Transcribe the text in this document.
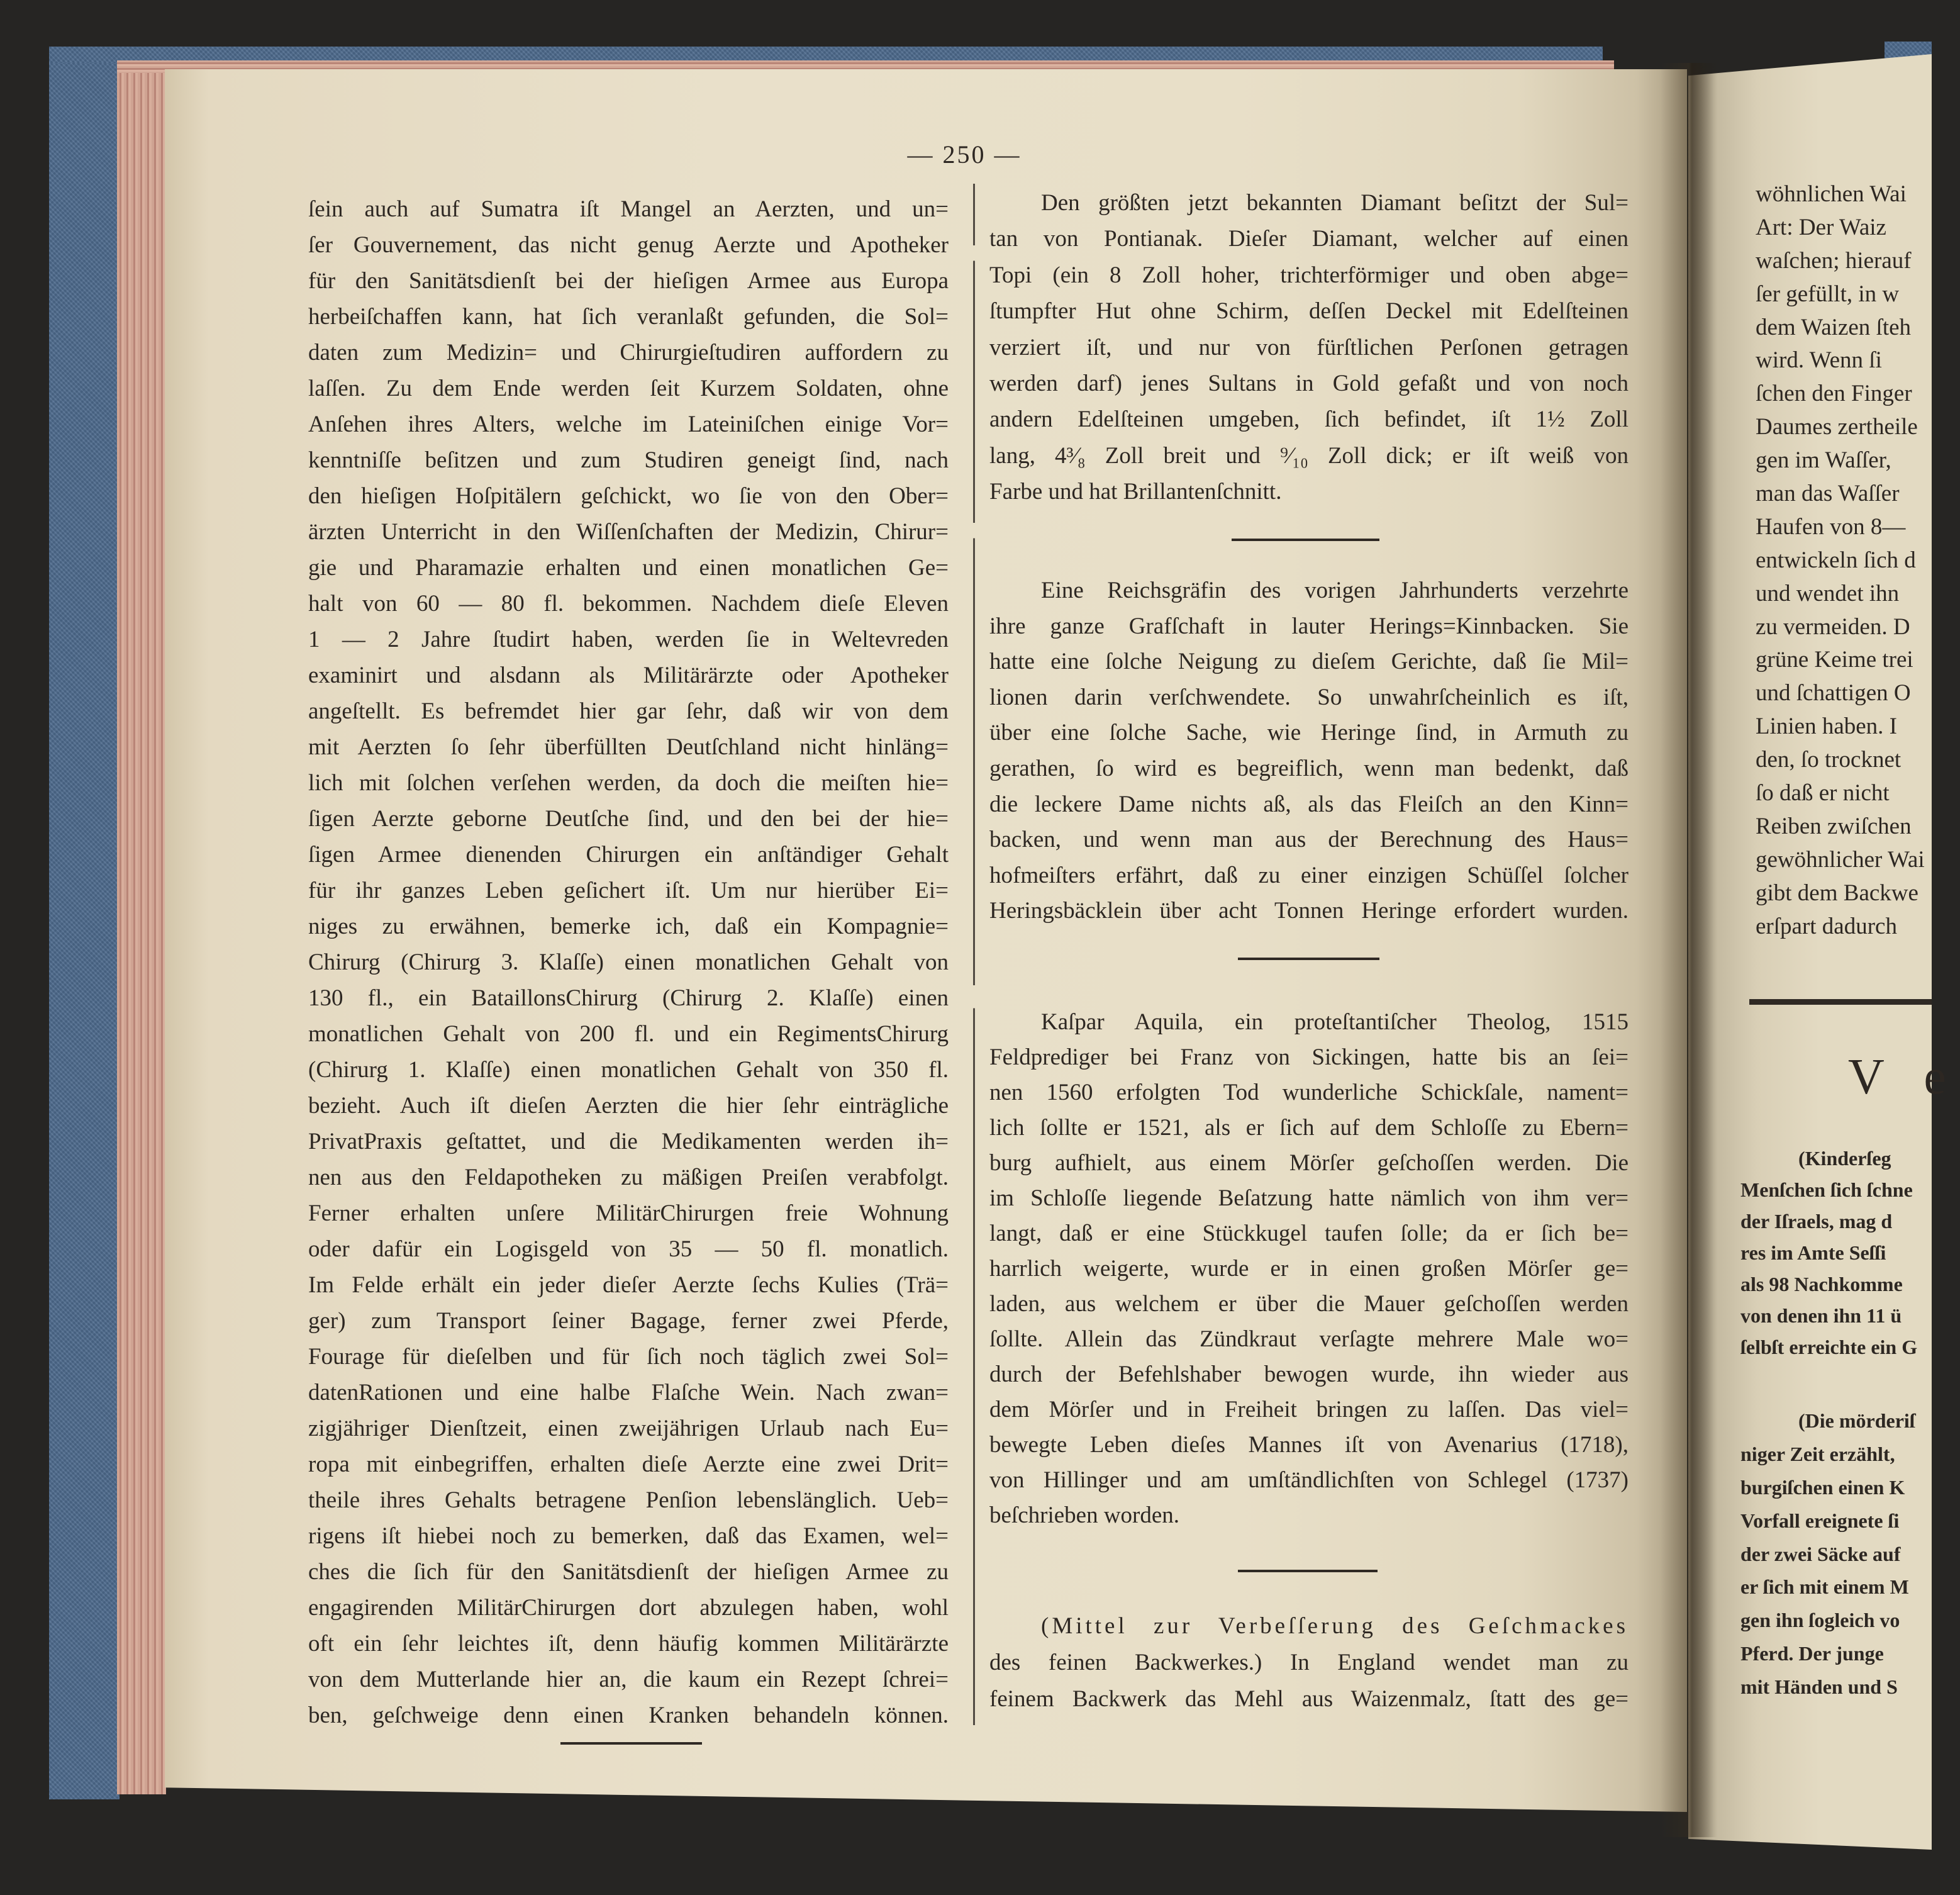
— 250 —
ſein auch auf Sumatra iſt Mangel an Aerzten, und un=
ſer Gouvernement, das nicht genug Aerzte und Apotheker
für den Sanitätsdienſt bei der hieſigen Armee aus Europa
herbeiſchaffen kann, hat ſich veranlaßt gefunden, die Sol=
daten zum Medizin= und Chirurgieſtudiren auffordern zu
laſſen. Zu dem Ende werden ſeit Kurzem Soldaten, ohne
Anſehen ihres Alters, welche im Lateiniſchen einige Vor=
kenntniſſe beſitzen und zum Studiren geneigt ſind, nach
den hieſigen Hoſpitälern geſchickt, wo ſie von den Ober=
ärzten Unterricht in den Wiſſenſchaften der Medizin, Chirur=
gie und Pharamazie erhalten und einen monatlichen Ge=
halt von 60 — 80 fl. bekommen. Nachdem dieſe Eleven
1 — 2 Jahre ſtudirt haben, werden ſie in Weltevreden
examinirt und alsdann als Militärärzte oder Apotheker
angeſtellt. Es befremdet hier gar ſehr, daß wir von dem
mit Aerzten ſo ſehr überfüllten Deutſchland nicht hinläng=
lich mit ſolchen verſehen werden, da doch die meiſten hie=
ſigen Aerzte geborne Deutſche ſind, und den bei der hie=
ſigen Armee dienenden Chirurgen ein anſtändiger Gehalt
für ihr ganzes Leben geſichert iſt. Um nur hierüber Ei=
niges zu erwähnen, bemerke ich, daß ein Kompagnie=
Chirurg (Chirurg 3. Klaſſe) einen monatlichen Gehalt von
130 fl., ein BataillonsChirurg (Chirurg 2. Klaſſe) einen
monatlichen Gehalt von 200 fl. und ein RegimentsChirurg
(Chirurg 1. Klaſſe) einen monatlichen Gehalt von 350 fl.
bezieht. Auch iſt dieſen Aerzten die hier ſehr einträgliche
PrivatPraxis geſtattet, und die Medikamenten werden ih=
nen aus den Feldapotheken zu mäßigen Preiſen verabfolgt.
Ferner erhalten unſere MilitärChirurgen freie Wohnung
oder dafür ein Logisgeld von 35 — 50 fl. monatlich.
Im Felde erhält ein jeder dieſer Aerzte ſechs Kulies (Trä=
ger) zum Transport ſeiner Bagage, ferner zwei Pferde,
Fourage für dieſelben und für ſich noch täglich zwei Sol=
datenRationen und eine halbe Flaſche Wein. Nach zwan=
zigjähriger Dienſtzeit, einen zweijährigen Urlaub nach Eu=
ropa mit einbegriffen, erhalten dieſe Aerzte eine zwei Drit=
theile ihres Gehalts betragene Penſion lebenslänglich. Ueb=
rigens iſt hiebei noch zu bemerken, daß das Examen, wel=
ches die ſich für den Sanitätsdienſt der hieſigen Armee zu
engagirenden MilitärChirurgen dort abzulegen haben, wohl
oft ein ſehr leichtes iſt, denn häufig kommen Militärärzte
von dem Mutterlande hier an, die kaum ein Rezept ſchrei=
ben, geſchweige denn einen Kranken behandeln können.
Den größten jetzt bekannten Diamant beſitzt der Sul=
tan von Pontianak. Dieſer Diamant, welcher auf einen
Topi (ein 8 Zoll hoher, trichterförmiger und oben abge=
ſtumpfter Hut ohne Schirm, deſſen Deckel mit Edelſteinen
verziert iſt, und nur von fürſtlichen Perſonen getragen
werden darf) jenes Sultans in Gold gefaßt und von noch
andern Edelſteinen umgeben, ſich befindet, iſt 1½ Zoll
lang, 4³⁄₈ Zoll breit und ⁹⁄₁₀ Zoll dick; er iſt weiß von
Farbe und hat Brillantenſchnitt.
Eine Reichsgräfin des vorigen Jahrhunderts verzehrte
ihre ganze Grafſchaft in lauter Herings=Kinnbacken. Sie
hatte eine ſolche Neigung zu dieſem Gerichte, daß ſie Mil=
lionen darin verſchwendete. So unwahrſcheinlich es iſt,
über eine ſolche Sache, wie Heringe ſind, in Armuth zu
gerathen, ſo wird es begreiflich, wenn man bedenkt, daß
die leckere Dame nichts aß, als das Fleiſch an den Kinn=
backen, und wenn man aus der Berechnung des Haus=
hofmeiſters erfährt, daß zu einer einzigen Schüſſel ſolcher
Heringsbäcklein über acht Tonnen Heringe erfordert wurden.
Kaſpar Aquila, ein proteſtantiſcher Theolog, 1515
Feldprediger bei Franz von Sickingen, hatte bis an ſei=
nen 1560 erfolgten Tod wunderliche Schickſale, nament=
lich ſollte er 1521, als er ſich auf dem Schloſſe zu Ebern=
burg aufhielt, aus einem Mörſer geſchoſſen werden. Die
im Schloſſe liegende Beſatzung hatte nämlich von ihm ver=
langt, daß er eine Stückkugel taufen ſolle; da er ſich be=
harrlich weigerte, wurde er in einen großen Mörſer ge=
laden, aus welchem er über die Mauer geſchoſſen werden
ſollte. Allein das Zündkraut verſagte mehrere Male wo=
durch der Befehlshaber bewogen wurde, ihn wieder aus
dem Mörſer und in Freiheit bringen zu laſſen. Das viel=
bewegte Leben dieſes Mannes iſt von Avenarius (1718),
von Hillinger und am umſtändlichſten von Schlegel (1737)
beſchrieben worden.
(Mittel zur Verbeſſerung des Geſchmackes
des feinen Backwerkes.) In England wendet man zu
feinem Backwerk das Mehl aus Waizenmalz, ſtatt des ge=
wöhnlichen Wai
Art: Der Waiz
waſchen; hierauf
ſer gefüllt, in w
dem Waizen ſteh
wird. Wenn ſi
ſchen den Finger
Daumes zertheile
gen im Waſſer,
man das Waſſer
Haufen von 8—
entwickeln ſich d
und wendet ihn
zu vermeiden. D
grüne Keime trei
und ſchattigen O
Linien haben. I
den, ſo trocknet
ſo daß er nicht
Reiben zwiſchen
gewöhnlicher Wai
gibt dem Backwe
erſpart dadurch
V e
(Kinderſeg
Menſchen ſich ſchne
der Iſraels, mag d
res im Amte Seſſi
als 98 Nachkomme
von denen ihn 11 ü
ſelbſt erreichte ein G
(Die mörderiſ
niger Zeit erzählt,
burgiſchen einen K
Vorfall ereignete ſi
der zwei Säcke auf
er ſich mit einem M
gen ihn ſogleich vo
Pferd. Der junge
mit Händen und S
